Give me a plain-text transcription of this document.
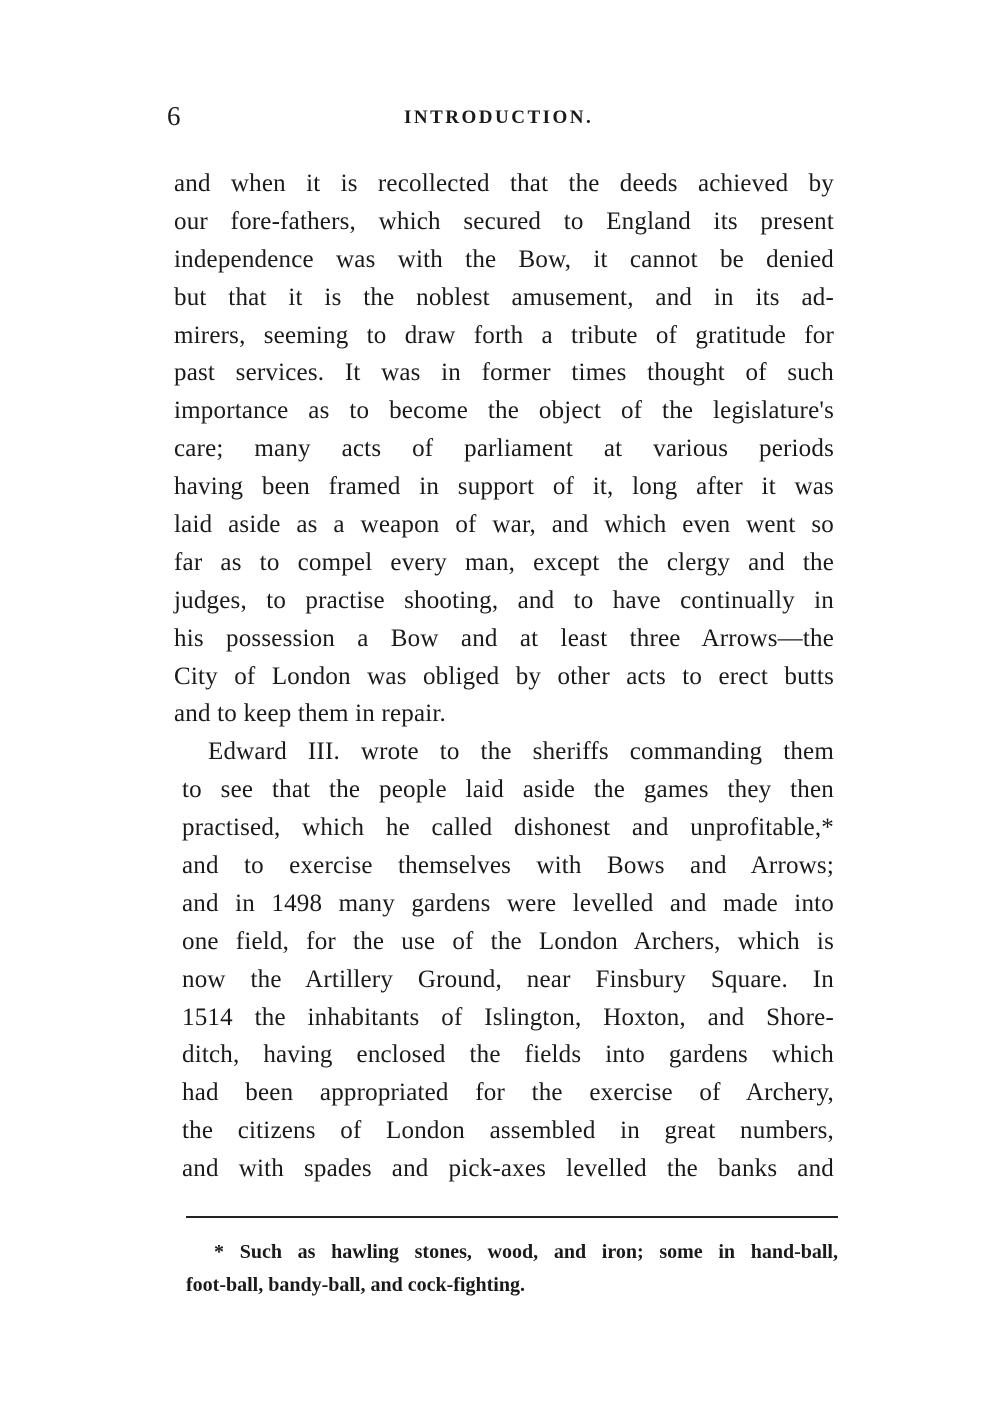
6	INTRODUCTION.
and when it is recollected that the deeds achieved by
our fore-fathers, which secured to England its present
independence was with the Bow, it cannot be denied
but that it is the noblest amusement, and in its ad-
mirers, seeming to draw forth a tribute of gratitude for
past services. It was in former times thought of such
importance as to become the object of the legislature's
care; many acts of parliament at various periods
having been framed in support of it, long after it was
laid aside as a weapon of war, and which even went so
far as to compel every man, except the clergy and the
judges, to practise shooting, and to have continually in
his possession a Bow and at least three Arrows—the
City of London was obliged by other acts to erect butts
and to keep them in repair.
Edward III. wrote to the sheriffs commanding them
to see that the people laid aside the games they then
practised, which he called dishonest and unprofitable,*
and to exercise themselves with Bows and Arrows;
and in 1498 many gardens were levelled and made into
one field, for the use of the London Archers, which is
now the Artillery Ground, near Finsbury Square. In
1514 the inhabitants of Islington, Hoxton, and Shore-
ditch, having enclosed the fields into gardens which
had been appropriated for the exercise of Archery,
the citizens of London assembled in great numbers,
and with spades and pick-axes levelled the banks and
* Such as hawling stones, wood, and iron; some in hand-ball,
foot-ball, bandy-ball, and cock-fighting.
